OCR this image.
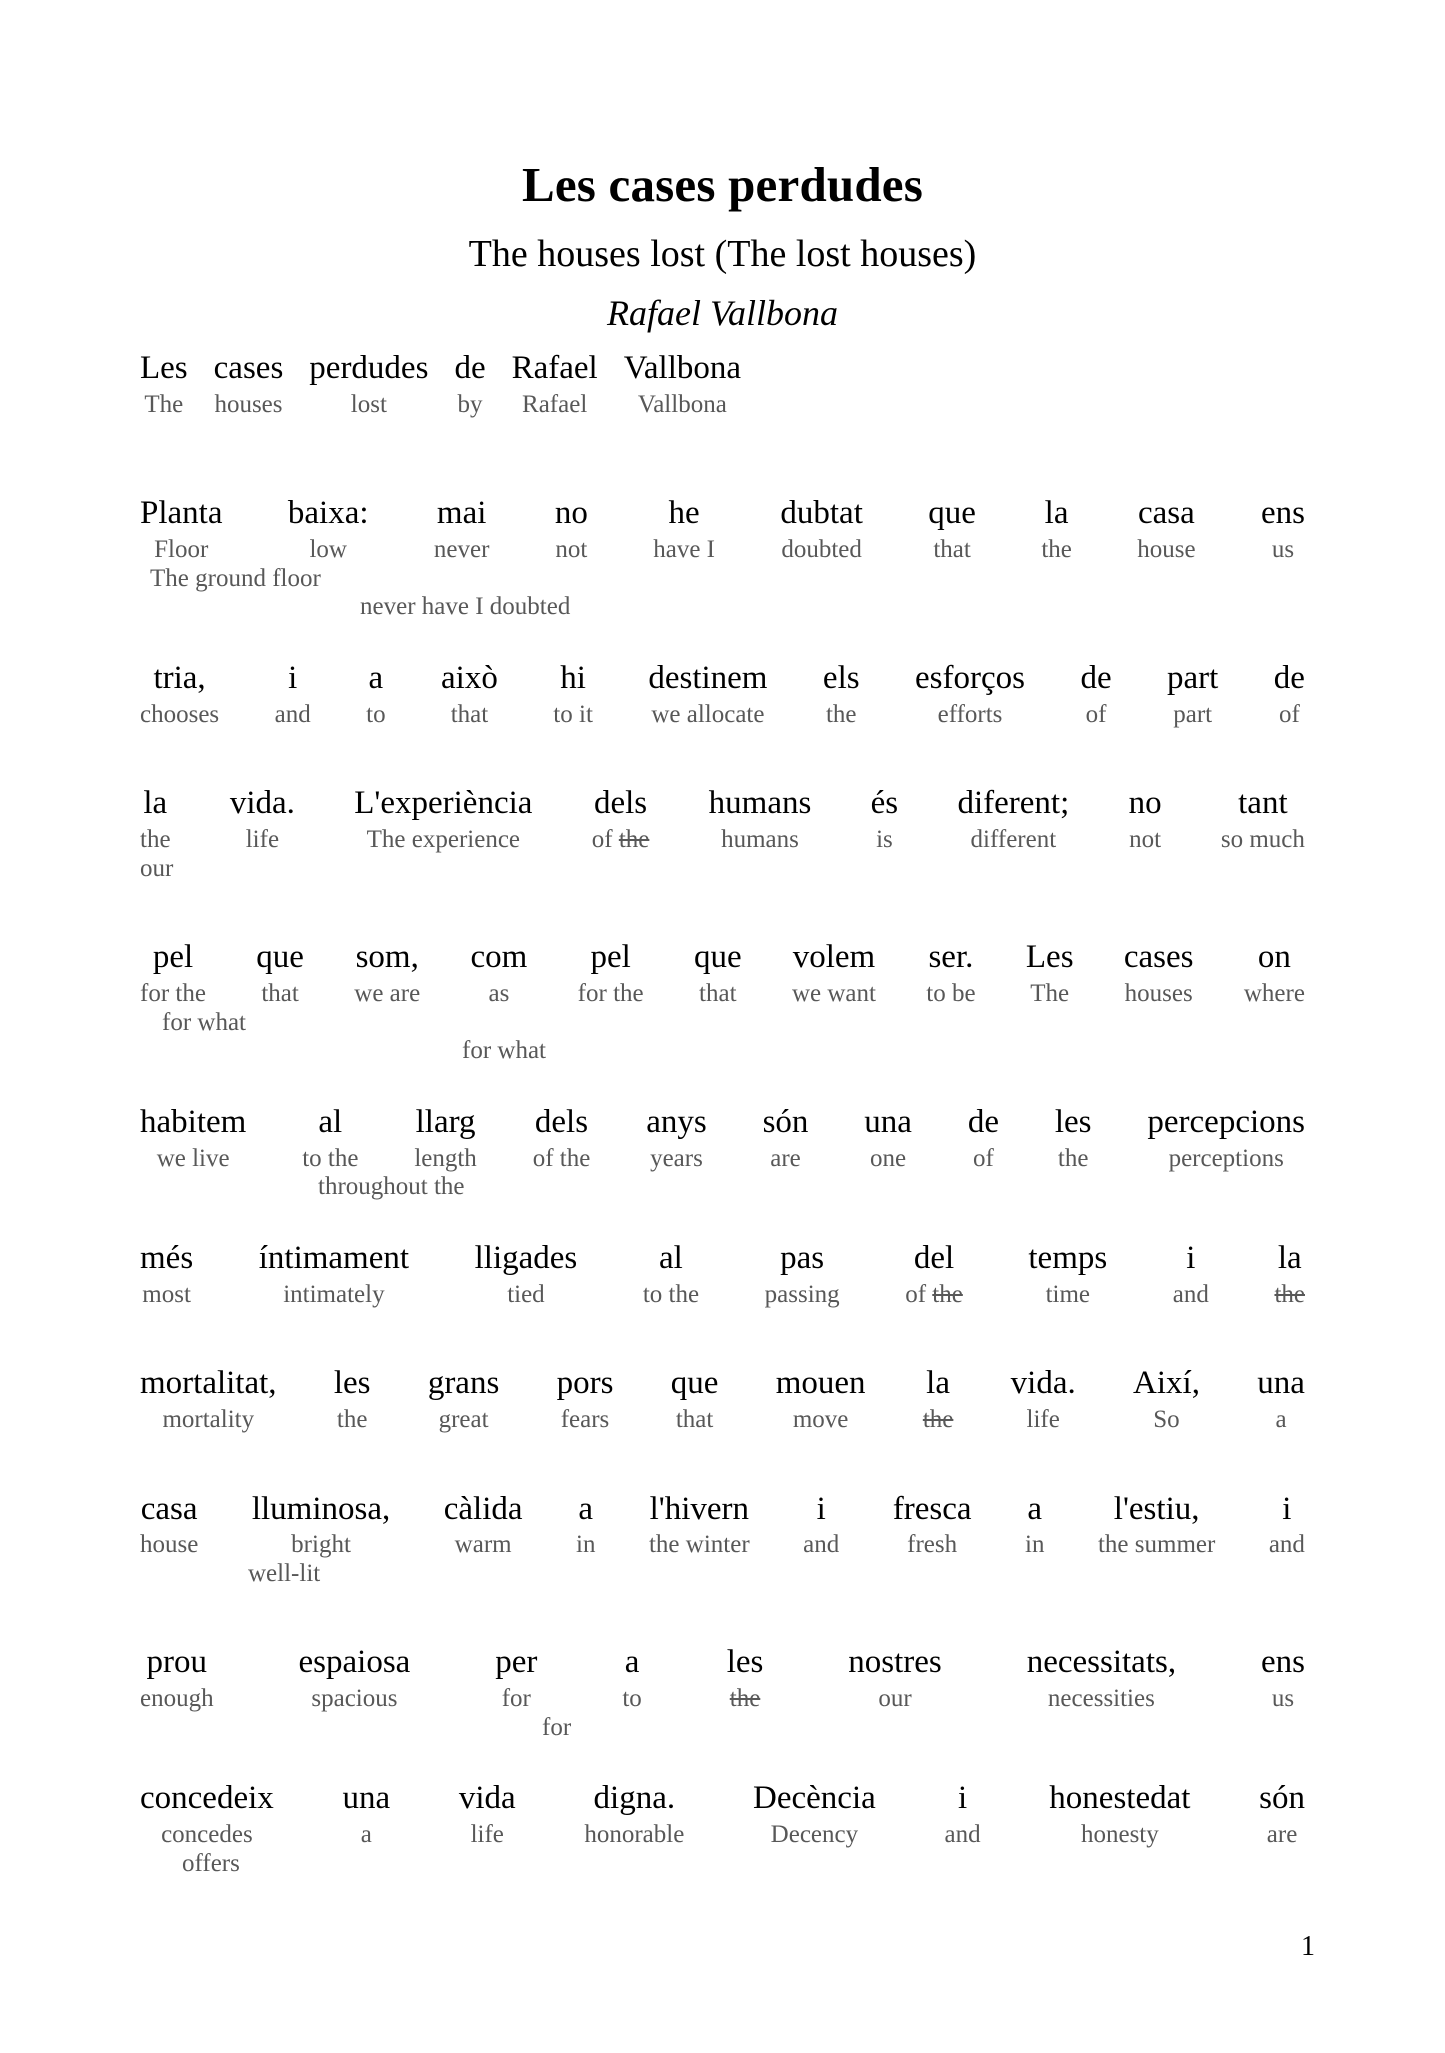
Les cases perdudes
The houses lost (The lost houses)
Rafael Vallbona
Les
The
cases
houses
perdudes
lost
de
by
Rafael
Rafael
Vallbona
Vallbona
Planta
Floor
baixa:
low
mai
never
no
not
he
have I
dubtat
doubted
que
that
la
the
casa
house
ens
us
The ground floor
never have I doubted
tria,
chooses
i
and
a
to
això
that
hi
to it
destinem
we allocate
els
the
esforços
efforts
de
of
part
part
de
of
la
the
vida.
life
L'experiència
The experience
dels
of the
humans
humans
és
is
diferent;
different
no
not
tant
so much
our
pel
for the
que
that
som,
we are
com
as
pel
for the
que
that
volem
we want
ser.
to be
Les
The
cases
houses
on
where
for what
for what
habitem
we live
al
to the
llarg
length
dels
of the
anys
years
són
are
una
one
de
of
les
the
percepcions
perceptions
throughout the
més
most
íntimament
intimately
lligades
tied
al
to the
pas
passing
del
of the
temps
time
i
and
la
the
mortalitat,
mortality
les
the
grans
great
pors
fears
que
that
mouen
move
la
the
vida.
life
Així,
So
una
a
casa
house
lluminosa,
bright
càlida
warm
a
in
l'hivern
the winter
i
and
fresca
fresh
a
in
l'estiu,
the summer
i
and
well-lit
prou
enough
espaiosa
spacious
per
for
a
to
les
the
nostres
our
necessitats,
necessities
ens
us
for
concedeix
concedes
una
a
vida
life
digna.
honorable
Decència
Decency
i
and
honestedat
honesty
són
are
offers
1
